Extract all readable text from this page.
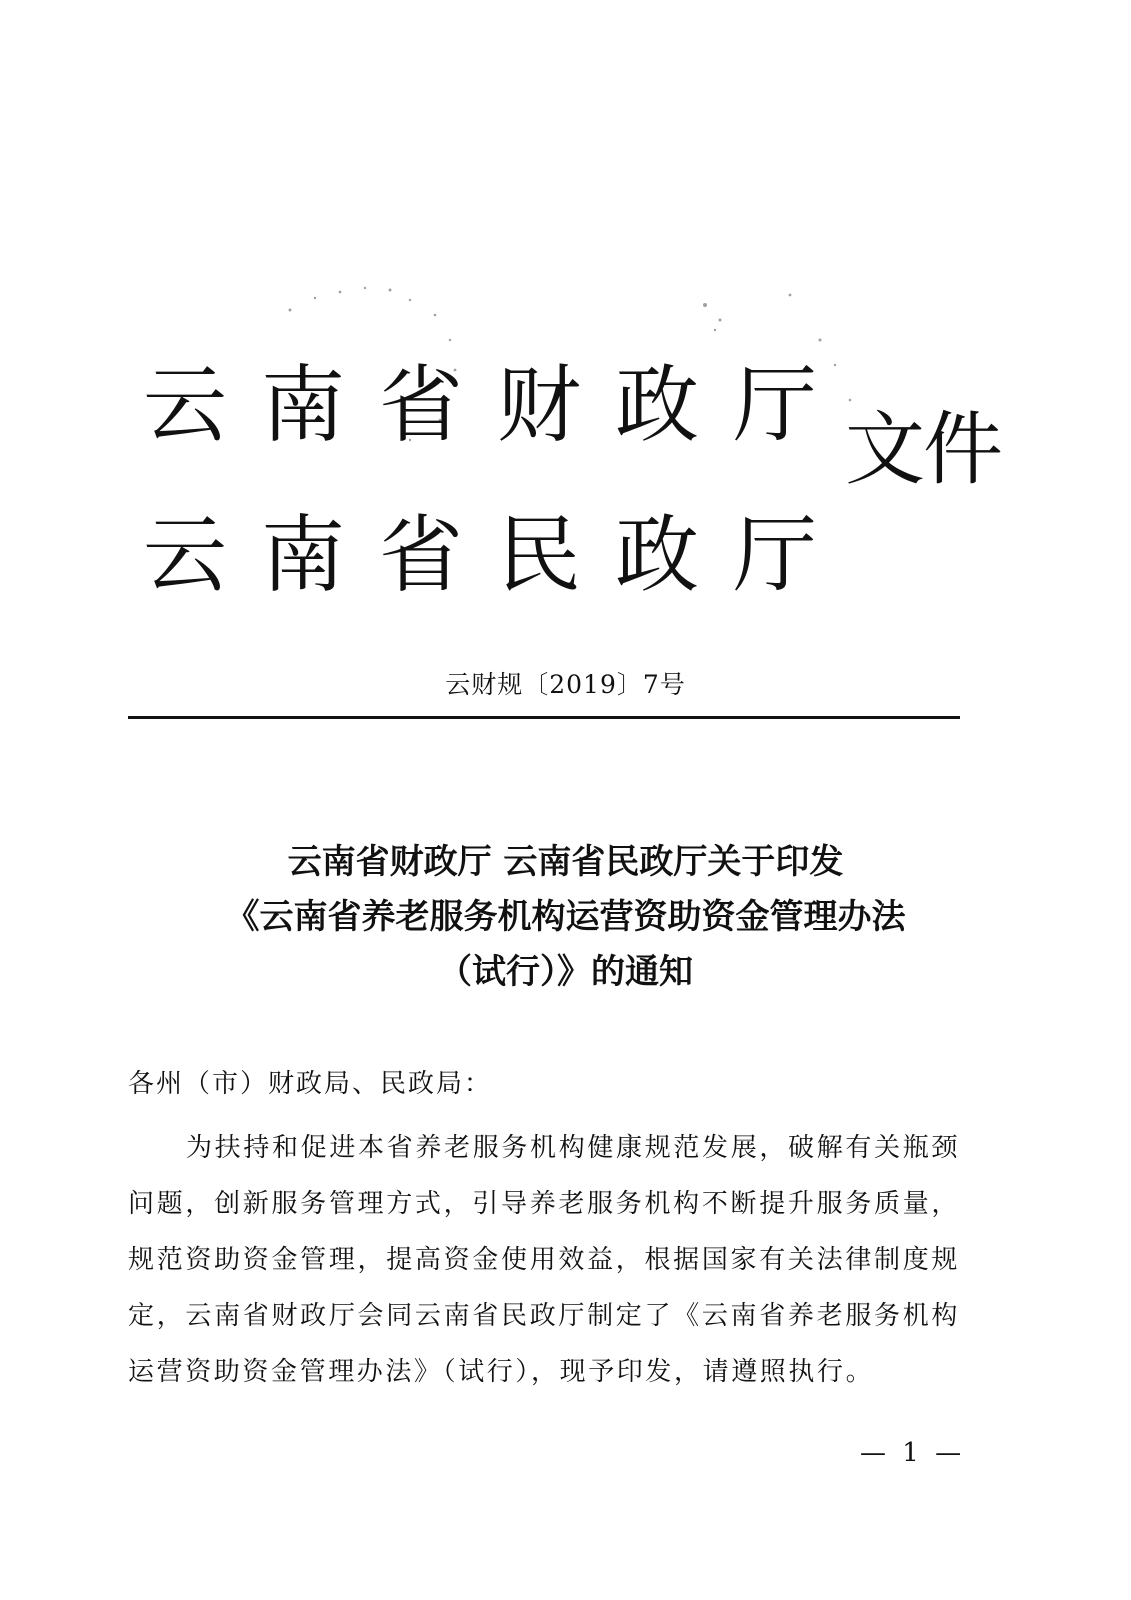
云 南 省 财 政 厅
云 南 省 民 政 厅
文件
云财规〔2019〕7号
云南省财政厅 云南省民政厅关于印发
《云南省养老服务机构运营资助资金管理办法
（试行）》的通知
各州（市）财政局、民政局：
为扶持和促进本省养老服务机构健康规范发展，破解有关瓶颈问题，创新服务管理方式，引导养老服务机构不断提升服务质量，规范资助资金管理，提高资金使用效益，根据国家有关法律制度规定，云南省财政厅会同云南省民政厅制定了《云南省养老服务机构运营资助资金管理办法》（试行），现予印发，请遵照执行。
— 1 —
